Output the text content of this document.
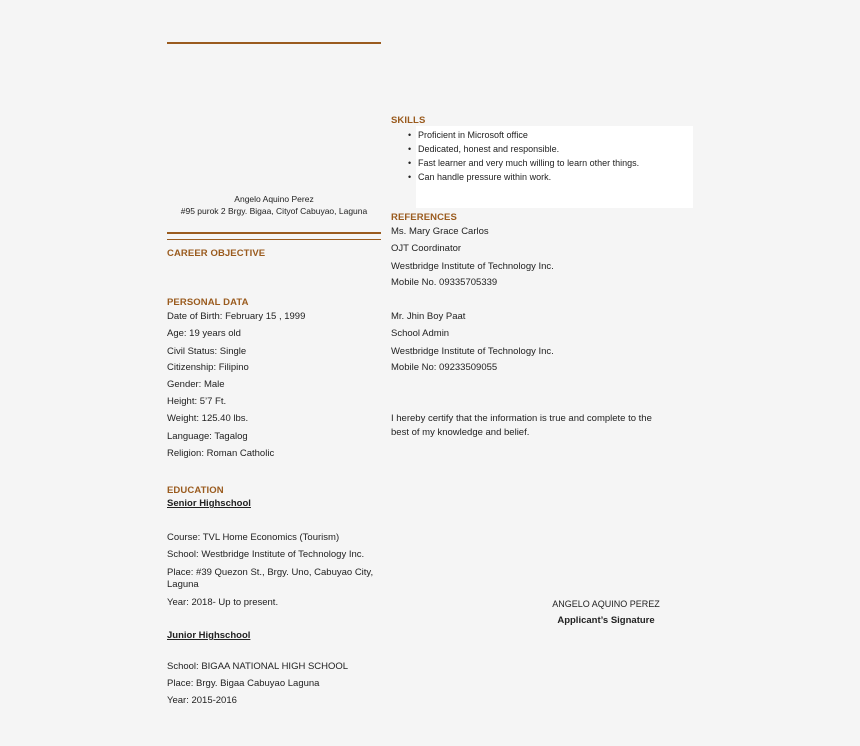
Angelo Aquino Perez
#95 purok 2 Brgy. Bigaa, Cityof Cabuyao, Laguna
CAREER OBJECTIVE
PERSONAL DATA
Date of Birth: February 15 , 1999
Age: 19 years old
Civil Status: Single
Citizenship: Filipino
Gender: Male
Height: 5’7 Ft.
Weight: 125.40 lbs.
Language: Tagalog
Religion: Roman Catholic
EDUCATION
Senior Highschool
Course: TVL Home Economics (Tourism)
School: Westbridge Institute of Technology Inc.
Place: #39 Quezon St., Brgy. Uno, Cabuyao City,
Laguna
Year: 2018- Up to present.
Junior Highschool
School: BIGAA NATIONAL HIGH SCHOOL
Place: Brgy. Bigaa Cabuyao Laguna
Year: 2015-2016
SKILLS
• Proficient in Microsoft office
• Dedicated, honest and responsible.
• Fast learner and very much willing to learn other things.
• Can handle pressure within work.
REFERENCES
Ms. Mary Grace Carlos
OJT Coordinator
Westbridge Institute of Technology Inc.
Mobile No. 09335705339
Mr. Jhin Boy Paat
School Admin
Westbridge Institute of Technology Inc.
Mobile No: 09233509055
I hereby certify that the information is true and complete to the
best of my knowledge and belief.
ANGELO AQUINO PEREZ
Applicant’s Signature
